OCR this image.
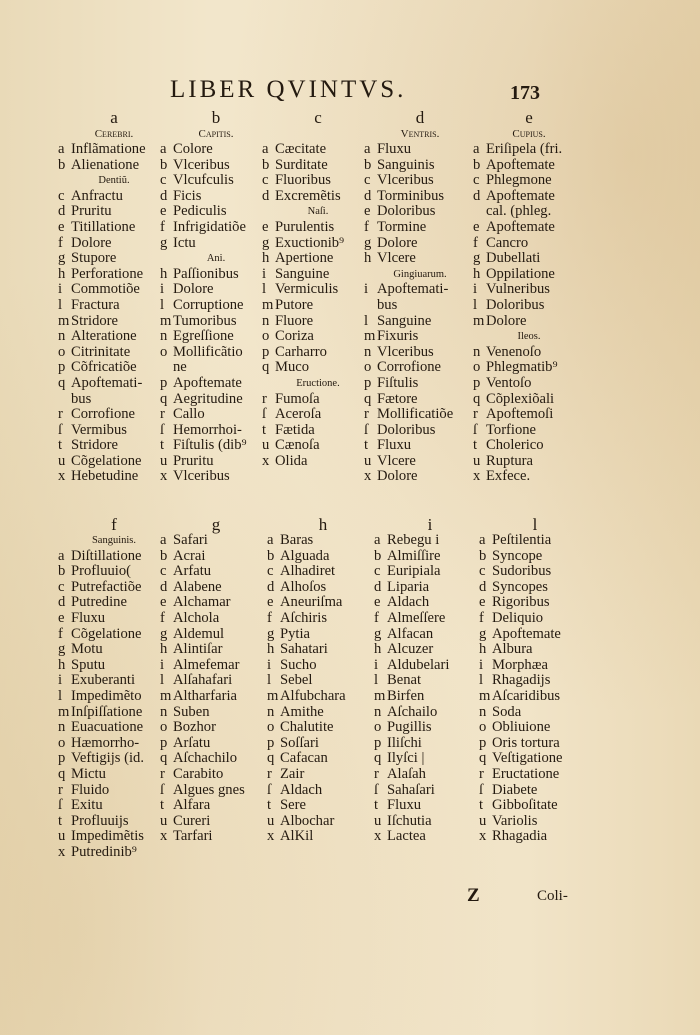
LIBER QVINTVS.	173
a
Cerebri.
a Inflãmatione
b Alienatione
Dentiũ.
c Anfractu
d Pruritu
e Titillatione
f Dolore
g Stupore
h Perforatione
i Commotiõe
l Fractura
m Stridore
n Alteratione
o Citrinitate
p Cõfricatiõe
q Apoftemati-
bus
r Corrofione
ſ Vermibus
t Stridore
u Cõgelatione
x Hebetudine
b
Capitis.
a Colore
b Vlceribus
c Vlcufculis
d Ficis
e Pediculis
f Infrigidatiõe
g Ictu
Ani.
h Paſſionibus
i Dolore
l Corruptione
m Tumoribus
n Egreſſione
o Mollificãtio
ne
p Apoftemate
q Aegritudine
r Callo
ſ Hemorrhoi-
t Fiſtulis (dib⁹
u Pruritu
x Vlceribus
c
a Cæcitate
b Surditate
c Fluoribus
d Excremẽtis
Naſi.
e Purulentis
g Exuctionib⁹
h Apertione
i Sanguine
l Vermiculis
m Putore
n Fluore
o Coriza
p Carharro
q Muco
Eructione.
r Fumoſa
ſ Aceroſa
t Fætida
u Cænoſa
x Olida
d
Ventris.
a Fluxu
b Sanguinis
c Vlceribus
d Torminibus
e Doloribus
f Tormine
g Dolore
h Vlcere
Gingiuarum.
i Apoftemati-
bus
l Sanguine
m Fixuris
n Vlceribus
o Corrofione
p Fiſtulis
q Fætore
r Mollificatiõe
ſ Doloribus
t Fluxu
u Vlcere
x Dolore
e
Cupius.
a Eriſipela (fri.
b Apoftemate
c Phlegmone
d Apoftemate
cal. (phleg.
e Apoftemate
f Cancro
g Dubellati
h Oppilatione
i Vulneribus
l Doloribus
m Dolore
Ileos.
n Venenoſo
o Phlegmatib⁹
p Ventoſo
q Cõplexiõali
r Apoftemoſi
ſ Torfione
t Cholerico
u Ruptura
x Exfece.
f
Sanguinis.
a Diſtillatione
b Profluuio(
c Putrefactiõe
d Putredine
e Fluxu
f Cõgelatione
g Motu
h Sputu
i Exuberanti
l Impedimẽto
m Inſpiſſatione
n Euacuatione
o Hæmorrho-
p Veftigijs (id.
q Mictu
r Fluido
ſ Exitu
t Profluuijs
u Impedimẽtis
x Putredinib⁹
g
a Safari
b Acrai
c Arfatu
d Alabene
e Alchamar
f Alchola
g Aldemul
h Alintiſar
i Almefemar
l Alſahafari
m Altharfaria
n Suben
o Bozhor
p Arſatu
q Aſchachilo
r Carabito
ſ Algues gnes
t Alfara
u Cureri
x Tarfari
h
a Baras
b Alguada
c Alhadiret
d Alhoſos
e Aneuriſma
f Aſchiris
g Pytia
h Sahatari
i Sucho
l Sebel
m Alfubchara
n Amithe
o Chalutite
p Soſſari
q Cafacan
r Zair
ſ Aldach
t Sere
u Albochar
x AlKil
i
a Rebegu i
b Almiſſire
c Euripiala
d Liparia
e Aldach
f Almeſſere
g Alfacan
h Alcuzer
i Aldubelari
l Benat
m Birfen
n Aſchailo
o Pugillis
p Iliſchi
q Ilyſci |
r Alaſah
ſ Sahaſari
t Fluxu
u Iſchutia
x Lactea
l
a Peſtilentia
b Syncope
c Sudoribus
d Syncopes
e Rigoribus
f Deliquio
g Apoftemate
h Albura
i Morphæa
l Rhagadijs
m Aſcaridibus
n Soda
o Obliuione
p Oris tortura
q Veſtigatione
r Eructatione
ſ Diabete
t Gibboſitate
u Variolis
x Rhagadia
Z	Coli-
